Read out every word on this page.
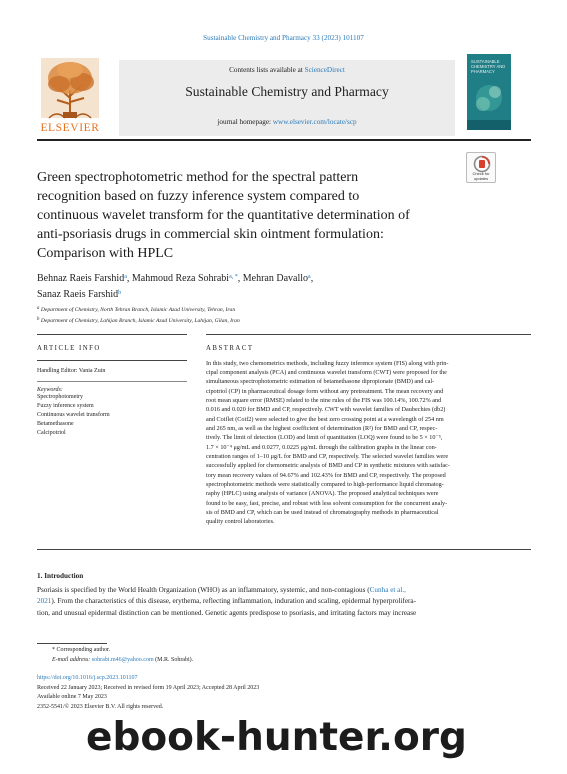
Sustainable Chemistry and Pharmacy 33 (2023) 101107
ELSEVIER
Contents lists available at ScienceDirect
Sustainable Chemistry and Pharmacy
journal homepage: www.elsevier.com/locate/scp
SUSTAINABLE CHEMISTRY AND PHARMACY
Check for
updates
Green spectrophotometric method for the spectral pattern
recognition based on fuzzy inference system compared to
continuous wavelet transform for the quantitative determination of
anti-psoriasis drugs in commercial skin ointment formulation:
Comparison with HPLC
Behnaz Raeis Farshid$^a$, Mahmoud Reza Sohrabi$^{a, *}$, Mehran Davallo$^a$,
Sanaz Raeis Farshid$^b$
a Department of Chemistry, North Tehran Branch, Islamic Azad University, Tehran, Iran
b Department of Chemistry, Lahijan Branch, Islamic Azad University, Lahijan, Gilan, Iran
ARTICLE INFO
Handling Editor: Vania Zuin
Keywords:
Spectrophotometry
Fuzzy inference system
Continuous wavelet transform
Betamethasone
Calcipotriol
ABSTRACT
In this study, two chemometrics methods, including fuzzy inference system (FIS) along with prin-
cipal component analysis (PCA) and continuous wavelet transform (CWT) were proposed for the
simultaneous spectrophotometric estimation of betamethasone dipropionate (BMD) and cal-
cipotriol (CP) in pharmaceutical dosage form without any pretreatment. The mean recovery and
root mean square error (RMSE) related to the nine rules of the FIS was 100.14%, 100.72% and
0.016 and 0.020 for BMD and CP, respectively. CWT with wavelet families of Daubechies (db2)
and Coiflet (Coif2) were selected to give the best zero crossing point at a wavelength of 254 nm
and 265 nm, as well as the highest coefficient of determination (R²) for BMD and CP, respec-
tively. The limit of detection (LOD) and limit of quantitation (LOQ) were found to be 5 × 10⁻⁵,
1.7 × 10⁻⁴ μg/mL and 0.0277, 0.0225 μg/mL through the calibration graphs in the linear con-
centration ranges of 1–10 μg/L for BMD and CP, respectively. The selected wavelet families were
successfully applied for chemometric analysis of BMD and CP in synthetic mixtures with satisfac-
tory mean recovery values of 94.67% and 102.43% for BMD and CP, respectively. The proposed
spectrophotometric methods were statistically compared to high-performance liquid chromatog-
raphy (HPLC) using analysis of variance (ANOVA). The proposed analytical techniques were
found to be easy, fast, precise, and robust with less solvent consumption for the concurrent analy-
sis of BMD and CP, which can be used instead of chromatography methods in pharmaceutical
quality control laboratories.
1. Introduction
Psoriasis is specified by the World Health Organization (WHO) as an inflammatory, systemic, and non-contagious (Cunha et al.,
2021). From the characteristics of this disease, erythema, reflecting inflammation, induration and scaling, epidermal hyperprolifera-
tion, and unusual epidermal distinction can be mentioned. Genetic agents predispose to psoriasis, and irritating factors may increase
* Corresponding author.
E-mail address: sohrabi.m46@yahoo.com (M.R. Sohrabi).
https://doi.org/10.1016/j.scp.2023.101107
Received 22 January 2023; Received in revised form 19 April 2023; Accepted 28 April 2023
Available online 7 May 2023
2352-5541/© 2023 Elsevier B.V. All rights reserved.
ebook-hunter.org
